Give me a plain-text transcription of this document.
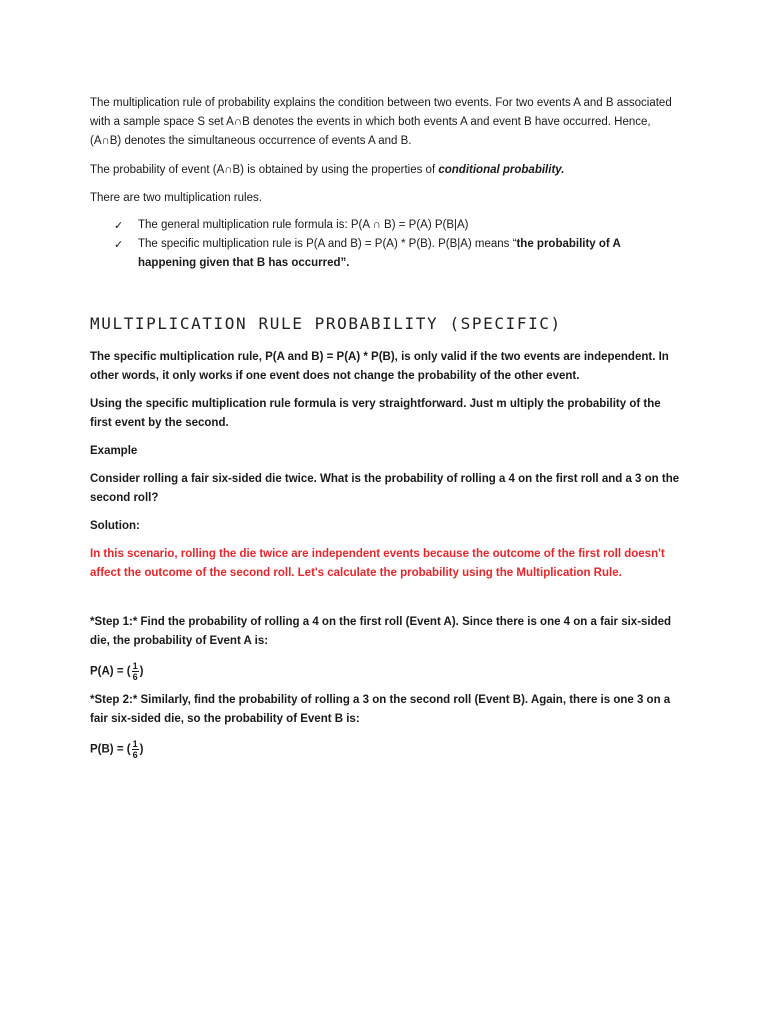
The multiplication rule of probability explains the condition between two events. For two events A and B associated with a sample space S set A∩B denotes the events in which both events A and event B have occurred. Hence, (A∩B) denotes the simultaneous occurrence of events A and B.

The probability of event (A∩B) is obtained by using the properties of conditional probability.

There are two multiplication rules.

✓ The general multiplication rule formula is: P(A ∩ B) = P(A) P(B|A)
✓ The specific multiplication rule is P(A and B) = P(A) * P(B). P(B|A) means “the probability of A happening given that B has occurred”.
MULTIPLICATION RULE PROBABILITY (SPECIFIC)

The specific multiplication rule, P(A and B) = P(A) * P(B), is only valid if the two events are independent. In other words, it only works if one event does not change the probability of the other event.

Using the specific multiplication rule formula is very straightforward. Just m ultiply the probability of the first event by the second.

Example

Consider rolling a fair six-sided die twice. What is the probability of rolling a 4 on the first roll and a 3 on the second roll?

Solution:

In this scenario, rolling the die twice are independent events because the outcome of the first roll doesn't affect the outcome of the second roll. Let's calculate the probability using the Multiplication Rule.

*Step 1:* Find the probability of rolling a 4 on the first roll (Event A). Since there is one 4 on a fair six-sided die, the probability of Event A is:

P(A) = ( $\frac{1}{6}$ )

*Step 2:* Similarly, find the probability of rolling a 3 on the second roll (Event B). Again, there is one 3 on a fair six-sided die, so the probability of Event B is:

P(B) = ( $\frac{1}{6}$ )
